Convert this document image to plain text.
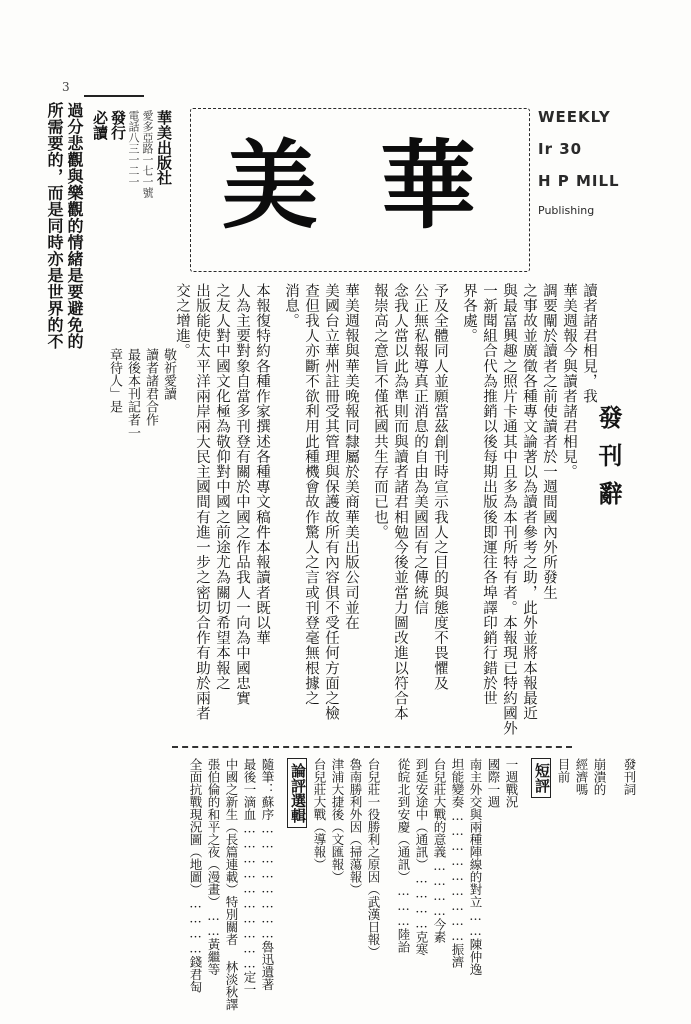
3
過分悲觀與樂觀的情緒是要避免的
所需要的，而是同時亦是世界的不	華美出版社
愛多亞路一七一號
電話八三一二一
發行
必讀
美華
WEEKLY
Ir 30
H P MILL
Publishing
發刊辭
讀者諸君相見，我
華美週報今與讀者諸君相見。
調要闡於讀者之前使讀者於一週間國內外所發生
之事故並廣徵各種專文論著以為讀者參考之助，此外並將本報最近
與最富興趣之照片卡通其中且多為本刊所特有者。本報現已特約國外
一新聞組合代為推銷以後每期出版後即運往各埠譯印銷行錯於世
界各處。
予及全體同人並願當茲創刊時宣示我人之目的與態度不畏懼及
公正無私報導真正消息的自由為美國固有之傳統信
念我人當以此為準則而與讀者諸君相勉今後並當力圖改進以符合本
報崇高之意旨不僅祇國共生存而已也。
華美週報與華美晚報同隸屬於美商華美出版公司並在
美國台立華州註冊受其管理與保護故所有內容俱不受任何方面之檢
查但我人亦斷不欲利用此種機會故作驚人之言或刊登毫無根據之
消息。
本報復特約各種作家撰述各種專文稿件本報讀者既以華
人為主要對象自當多刊登有關於中國之作品我人一向為中國忠實
之友人對中國文化極為敬仰對中國之前途尤為關切希望本報之
出版能使太平洋兩岸兩大民主國間有進一步之密切合作有助於兩者
交之增進。
敬祈愛讀
讀者諸君合作
最後本刊記者一
章待人」是
發刊詞
崩潰的
經濟嗎
目前
短評
一週戰況
國際一週
南主外交與兩種陣線的對立……陳仲逸
坦能變奏………………………振濟
台兒莊大戰的意義…………今素
到延安途中（通訊）…………克寒
從皖北到安慶（通訊）………陸詒
台兒莊一役勝利之原因（武漢日報）
魯南勝利外因（掃蕩報）
津浦大捷後（文匯報）
台兒莊大戰（導報）
論評選輯
隨筆：蘇序……………………魯迅遺著
最後一滴血…………………………定一
中國之新生（長篇連載）特別關者 林淡秋譯
張伯倫的和平之夜（漫畫）……黃繼等
全面抗戰現況圖（地圖）…………錢君匋
